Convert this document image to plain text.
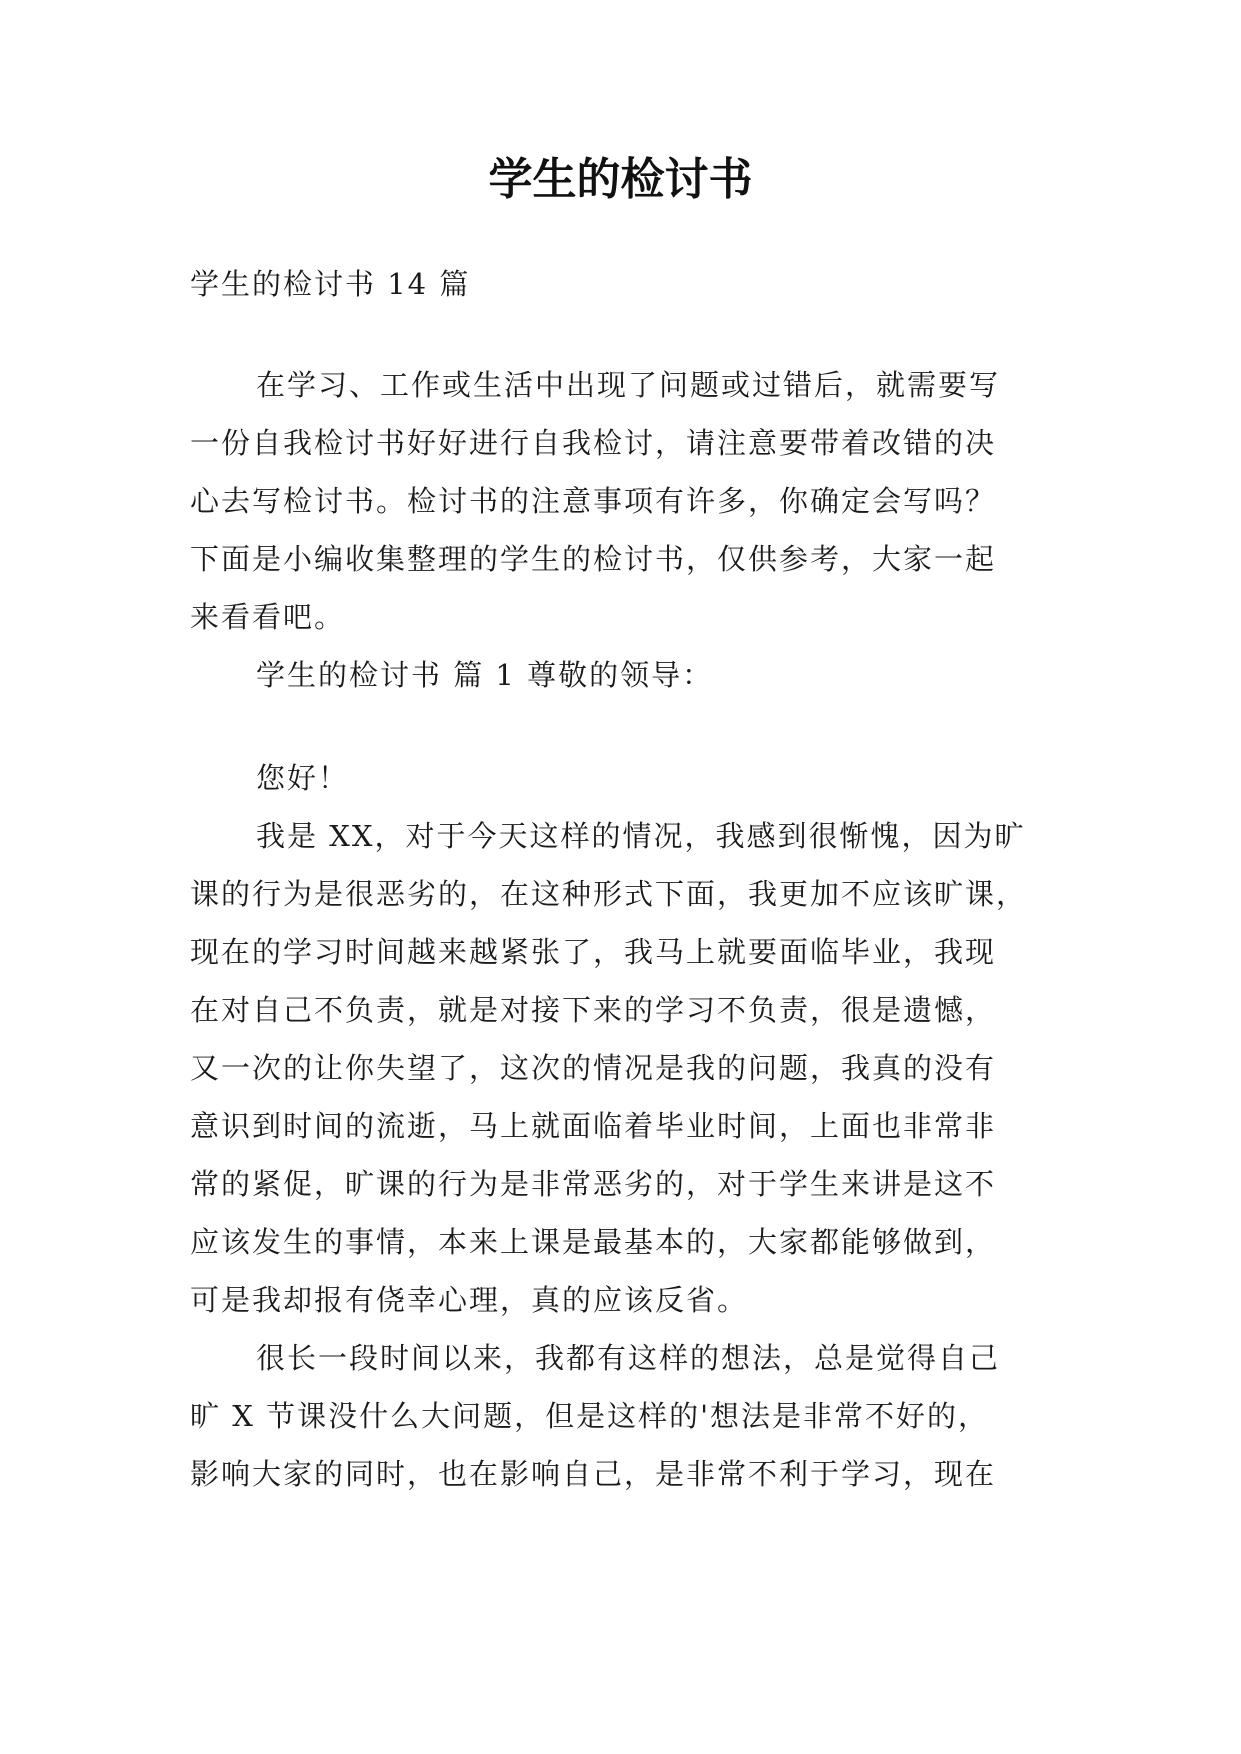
学生的检讨书

学生的检讨书 14 篇

在学习、工作或生活中出现了问题或过错后，就需要写
一份自我检讨书好好进行自我检讨，请注意要带着改错的决
心去写检讨书。检讨书的注意事项有许多，你确定会写吗？
下面是小编收集整理的学生的检讨书，仅供参考，大家一起
来看看吧。

学生的检讨书 篇 1 尊敬的领导：

您好！

我是 XX，对于今天这样的情况，我感到很惭愧，因为旷
课的行为是很恶劣的，在这种形式下面，我更加不应该旷课，
现在的学习时间越来越紧张了，我马上就要面临毕业，我现
在对自己不负责，就是对接下来的学习不负责，很是遗憾，
又一次的让你失望了，这次的情况是我的问题，我真的没有
意识到时间的流逝，马上就面临着毕业时间，上面也非常非
常的紧促，旷课的行为是非常恶劣的，对于学生来讲是这不
应该发生的事情，本来上课是最基本的，大家都能够做到，
可是我却报有侥幸心理，真的应该反省。

很长一段时间以来，我都有这样的想法，总是觉得自己
旷 X 节课没什么大问题，但是这样的'想法是非常不好的，
影响大家的同时，也在影响自己，是非常不利于学习，现在
